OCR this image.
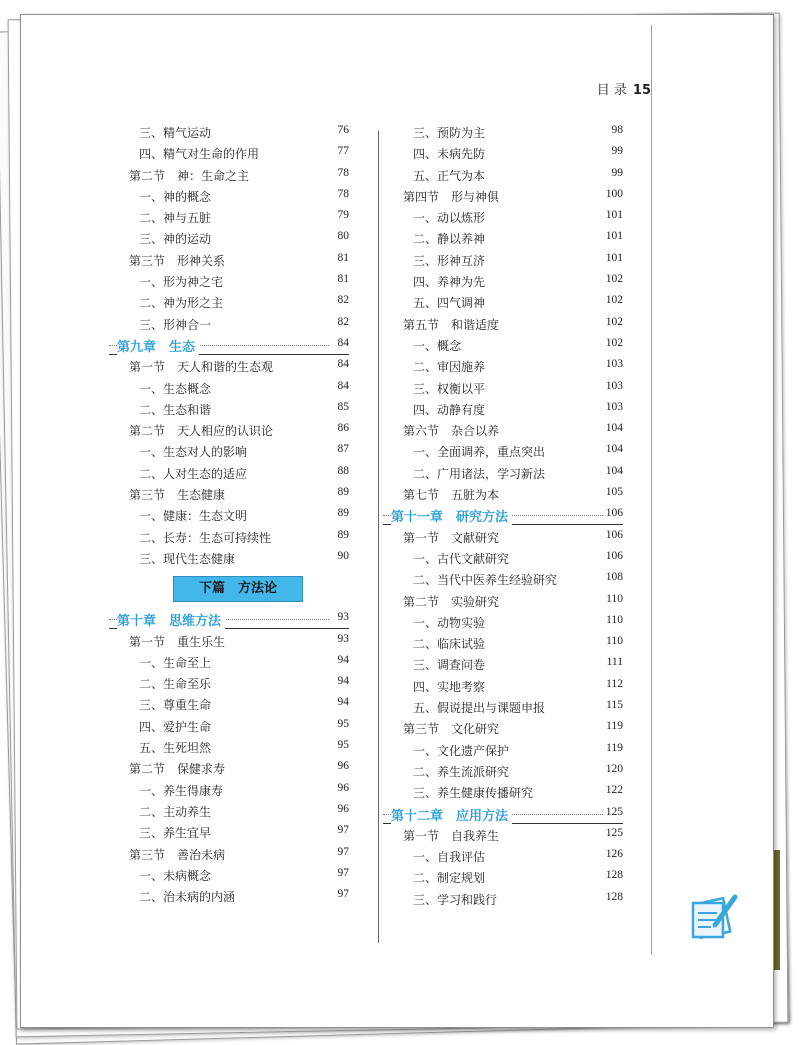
目 录 15
三、精气运动	76
四、精气对生命的作用	77
第二节　神：生命之主	78
一、神的概念	78
二、神与五脏	79
三、神的运动	80
第三节　形神关系	81
一、形为神之宅	81
二、神为形之主	82
三、形神合一	82
第九章　生态	84
第一节　天人和谐的生态观	84
一、生态概念	84
二、生态和谐	85
第二节　天人相应的认识论	86
一、生态对人的影响	87
二、人对生态的适应	88
第三节　生态健康	89
一、健康：生态文明	89
二、长寿：生态可持续性	89
三、现代生态健康	90
下篇　方法论
第十章　思维方法	93
第一节　重生乐生	93
一、生命至上	94
二、生命至乐	94
三、尊重生命	94
四、爱护生命	95
五、生死坦然	95
第二节　保健求寿	96
一、养生得康寿	96
二、主动养生	96
三、养生宜早	97
第三节　善治未病	97
一、未病概念	97
二、治未病的内涵	97
三、预防为主	98
四、未病先防	99
五、正气为本	99
第四节　形与神俱	100
一、动以炼形	101
二、静以养神	101
三、形神互济	101
四、养神为先	102
五、四气调神	102
第五节　和谐适度	102
一、概念	102
二、审因施养	103
三、权衡以平	103
四、动静有度	103
第六节　杂合以养	104
一、全面调养，重点突出	104
二、广用诸法，学习新法	104
第七节　五脏为本	105
第十一章　研究方法	106
第一节　文献研究	106
一、古代文献研究	106
二、当代中医养生经验研究	108
第二节　实验研究	110
一、动物实验	110
二、临床试验	110
三、调查问卷	111
四、实地考察	112
五、假说提出与课题申报	115
第三节　文化研究	119
一、文化遗产保护	119
二、养生流派研究	120
三、养生健康传播研究	122
第十二章　应用方法	125
第一节　自我养生	125
一、自我评估	126
二、制定规划	128
三、学习和践行	128
